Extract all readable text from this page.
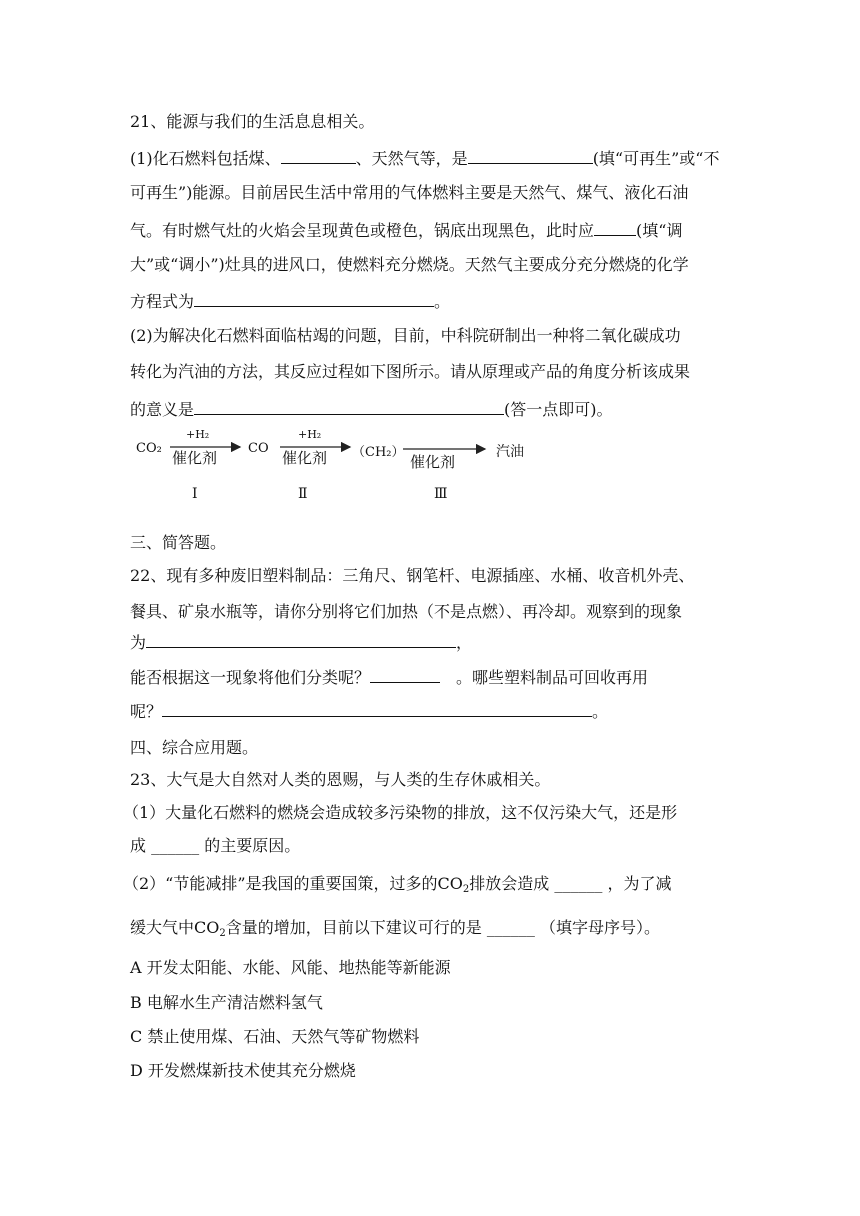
21、能源与我们的生活息息相关。
(1)化石燃料包括煤、	、天然气等，是	(填“可再生”或“不
可再生”)能源。目前居民生活中常用的气体燃料主要是天然气、煤气、液化石油
气。有时燃气灶的火焰会呈现黄色或橙色，锅底出现黑色，此时应	(填“调
大”或“调小”)灶具的进风口，使燃料充分燃烧。天然气主要成分充分燃烧的化学
方程式为	。
(2)为解决化石燃料面临枯竭的问题，目前，中科院研制出一种将二氧化碳成功
转化为汽油的方法，其反应过程如下图所示。请从原理或产品的角度分析该成果
的意义是	(答一点即可)。
CO₂
+H₂
催化剂
CO
+H₂
催化剂 （CH₂）
催化剂
汽油
Ⅰ	Ⅱ	Ⅲ
三、简答题。
22、现有多种废旧塑料制品：三角尺、钢笔杆、电源插座、水桶、收音机外壳、
餐具、矿泉水瓶等，请你分别将它们加热（不是点燃）、再冷却。观察到的现象
为	，
能否根据这一现象将他们分类呢？	。哪些塑料制品可回收再用
呢？	。
四、综合应用题。
23、大气是大自然对人类的恩赐，与人类的生存休戚相关。
（1）大量化石燃料的燃烧会造成较多污染物的排放，这不仅污染大气，还是形
成 ______ 的主要原因。
（2）“节能减排”是我国的重要国策，过多的$CO_2$排放会造成 ______ ，为了减
缓大气中$CO_2$含量的增加，目前以下建议可行的是 ______ （填字母序号）。
A 开发太阳能、水能、风能、地热能等新能源
B 电解水生产清洁燃料氢气
C 禁止使用煤、石油、天然气等矿物燃料
D 开发燃煤新技术使其充分燃烧
